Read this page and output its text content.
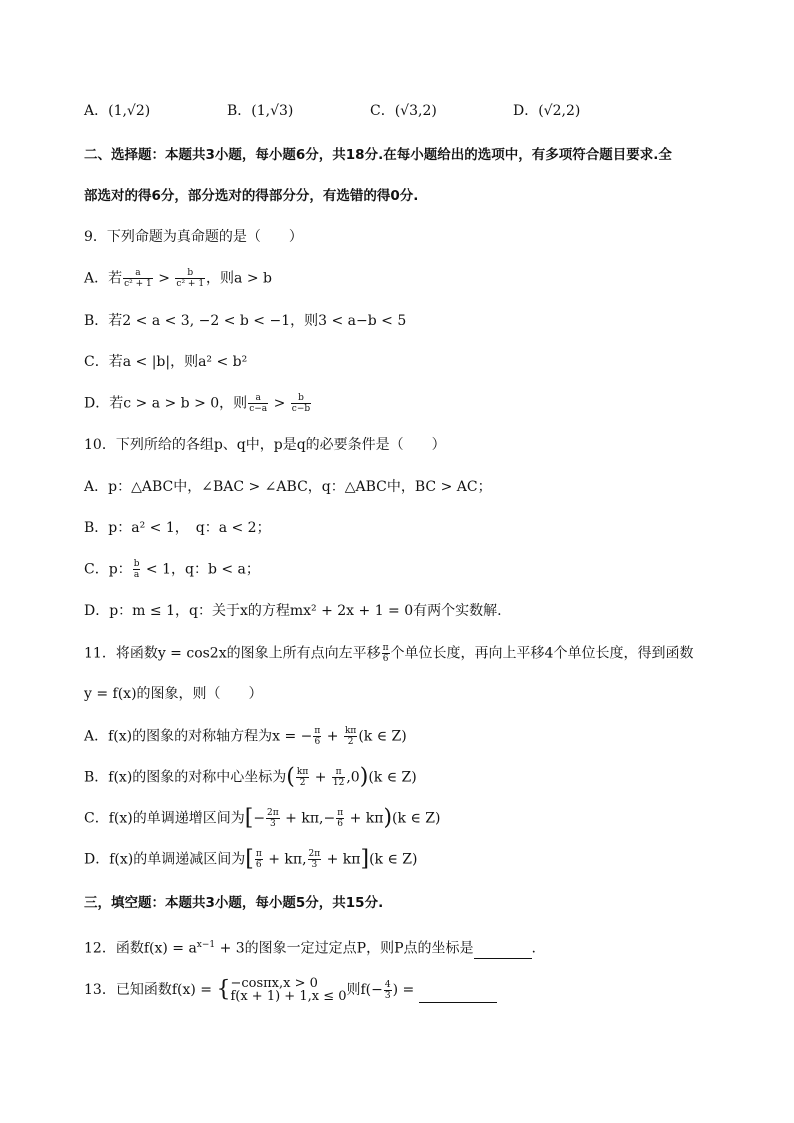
A．(1,√2)	B．(1,√3)	C．(√3,2)	D．(√2,2)
二、选择题：本题共3小题，每小题6分，共18分.在每小题给出的选项中，有多项符合题目要求.全
部选对的得6分，部分选对的得部分分，有选错的得0分.
9．下列命题为真命题的是（　　）
A．若 $\frac{a}{\text{c² + 1}} > \frac{b}{\text{c² + 1}}$ ，则a > b
B．若2 < a < 3, −2 < b < −1，则3 < a−b < 5
C．若a < |b|，则a² < b²
D．若c > a > b > 0，则 $\frac{a}{c-a} > \frac{b}{c-b}$
10．下列所给的各组p、q中，p是q的必要条件是（　　）
A．p：△ABC中，∠BAC > ∠ABC，q：△ABC中，BC > AC；
B．p：a² < 1，　q：a < 2；
C．p： $\frac{b}{a} < 1$，q：b < a；
D．p：m ≤ 1，q：关于x的方程mx² + 2x + 1 = 0有两个实数解.
11．将函数y = cos2x的图象上所有点向左平移 $\frac{\pi}{6}$ 个单位长度，再向上平移4个单位长度，得到函数
y = f(x)的图象，则（　　）
A．f(x)的图象的对称轴方程为x = − $\frac{\pi}{6} + \frac{k\pi}{2} (k$ ∈ Z)
B．f(x)的图象的对称中心坐标为( $\frac{k\pi}{2} + \frac{\pi}{12} ,0)(k$ ∈ Z)
C．f(x)的单调递增区间为[− $\frac{2\pi}{3} + k\pi,- \frac{\pi}{6} + k\pi)(k$ ∈ Z)
D．f(x)的单调递减区间为[ $\frac{\pi}{6} + k\pi$, $\frac{2\pi}{3} + k\pi](k$ ∈ Z)
三，填空题：本题共3小题，每小题5分，共15分.
12．函数$f(x) = a^{x-1} + 3$的图象一定过定点P，则P点的坐标是	.
13．已知函数f(x) = { −cosπx,x > 0
f(x + 1) + 1,x ≤ 0 则$f(- \frac{4}{3}$ ) =
